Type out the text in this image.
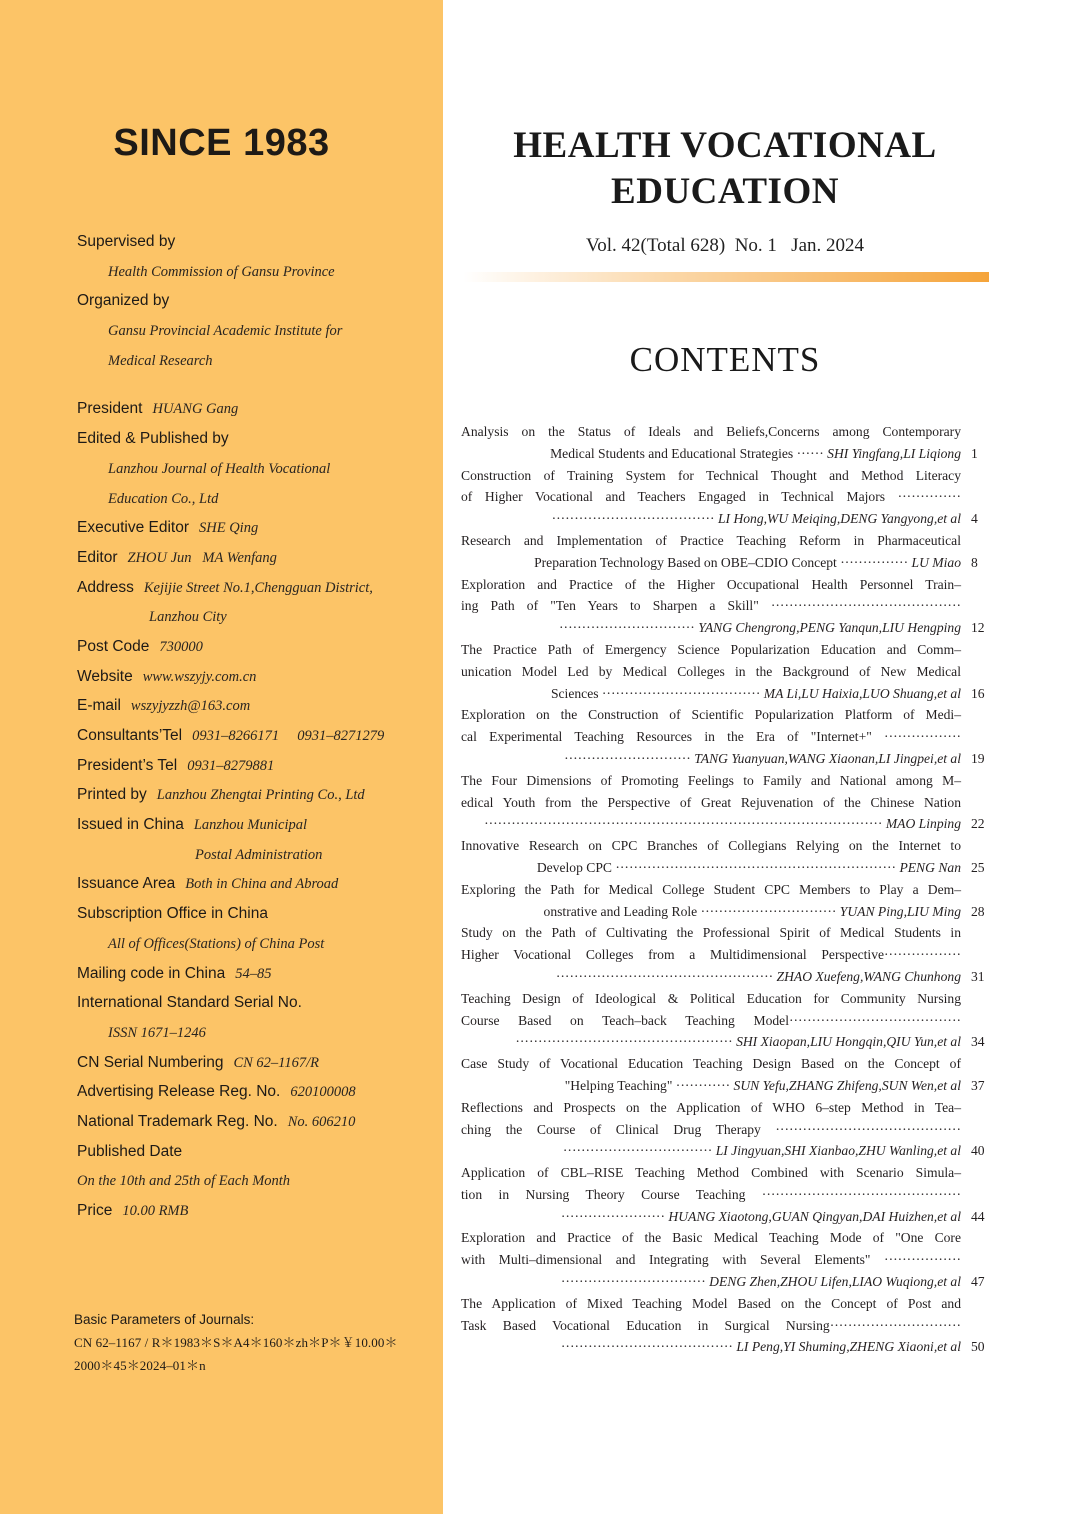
SINCE 1983
Supervised by
Health Commission of Gansu Province
Organized by
Gansu Provincial Academic Institute for
Medical Research
President HUANG Gang
Edited & Published by
Lanzhou Journal of Health Vocational
Education Co., Ltd
Executive Editor SHE Qing
Editor ZHOU Jun   MA Wenfang
Address Kejijie Street No.1,Chengguan District,
Lanzhou City
Post Code 730000
Website www.wszyjy.com.cn
E-mail wszyjyzzh@163.com
Consultants’Tel 0931–8266171     0931–8271279
President’s Tel 0931–8279881
Printed by Lanzhou Zhengtai Printing Co., Ltd
Issued in China Lanzhou Municipal
Postal Administration
Issuance Area Both in China and Abroad
Subscription Office in China
All of Offices(Stations) of China Post
Mailing code in China 54–85
International Standard Serial No.
ISSN 1671–1246
CN Serial Numbering CN 62–1167/R
Advertising Release Reg. No. 620100008
National Trademark Reg. No. No. 606210
Published Date
On the 10th and 25th of Each Month
Price 10.00 RMB
Basic Parameters of Journals:
CN 62–1167 / R＊1983＊S＊A4＊160＊zh＊P＊￥10.00＊
2000＊45＊2024–01＊n
HEALTH VOCATIONAL
EDUCATION
Vol. 42(Total 628)  No. 1   Jan. 2024
CONTENTS
Analysis on the Status of Ideals and Beliefs,Concerns among Contemporary
Medical Students and Educational Strategies ······ SHI Yingfang,LI Liqiong 1
Construction of Training System for Technical Thought and Method Literacy
of Higher Vocational and Teachers Engaged in Technical Majors ··············
···································· LI Hong,WU Meiqing,DENG Yangyong,et al 4
Research and Implementation of Practice Teaching Reform in Pharmaceutical
Preparation Technology Based on OBE–CDIO Concept ··············· LU Miao 8
Exploration and Practice of the Higher Occupational Health Personnel Train–
ing Path of "Ten Years to Sharpen a Skill" ··········································
······························ YANG Chengrong,PENG Yanqun,LIU Hengping 12
The Practice Path of Emergency Science Popularization Education and Comm–
unication Model Led by Medical Colleges in the Background of New Medical
Sciences ··································· MA Li,LU Haixia,LUO Shuang,et al 16
Exploration on the Construction of Scientific Popularization Platform of Medi–
cal Experimental Teaching Resources in the Era of "Internet+" ·················
···························· TANG Yuanyuan,WANG Xiaonan,LI Jingpei,et al 19
The Four Dimensions of Promoting Feelings to Family and National among M–
edical Youth from the Perspective of Great Rejuvenation of the Chinese Nation
························································································ MAO Linping 22
Innovative Research on CPC Branches of Collegians Relying on the Internet to
Develop CPC ······························································ PENG Nan 25
Exploring the Path for Medical College Student CPC Members to Play a Dem–
onstrative and Leading Role ······························ YUAN Ping,LIU Ming 28
Study on the Path of Cultivating the Professional Spirit of Medical Students in
Higher Vocational Colleges from a Multidimensional Perspective·················
················································ ZHAO Xuefeng,WANG Chunhong 31
Teaching Design of Ideological & Political Education for Community Nursing
Course Based on Teach–back Teaching Model······································
················································ SHI Xiaopan,LIU Hongqin,QIU Yun,et al 34
Case Study of Vocational Education Teaching Design Based on the Concept of
"Helping Teaching" ············ SUN Yefu,ZHANG Zhifeng,SUN Wen,et al 37
Reflections and Prospects on the Application of WHO 6–step Method in Tea–
ching the Course of Clinical Drug Therapy ·········································
································· LI Jingyuan,SHI Xianbao,ZHU Wanling,et al 40
Application of CBL–RISE Teaching Method Combined with Scenario Simula–
tion in Nursing Theory Course Teaching ············································
······················· HUANG Xiaotong,GUAN Qingyan,DAI Huizhen,et al 44
Exploration and Practice of the Basic Medical Teaching Mode of "One Core
with Multi–dimensional and Integrating with Several Elements" ·················
································ DENG Zhen,ZHOU Lifen,LIAO Wuqiong,et al 47
The Application of Mixed Teaching Model Based on the Concept of Post and
Task Based Vocational Education in Surgical Nursing·····························
······································ LI Peng,YI Shuming,ZHENG Xiaoni,et al 50
